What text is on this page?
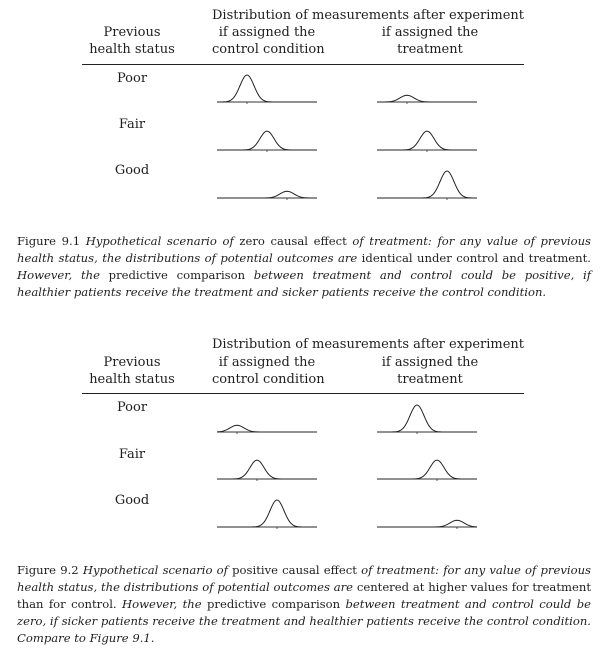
Distribution of measurements after experiment
Previous
health status
if assigned the
control condition
if assigned the
treatment
Poor
Fair
Good
Figure 9.1 Hypothetical scenario of zero causal effect of treatment: for any value of previous health status, the distributions of potential outcomes are identical under control and treatment. However, the predictive comparison between treatment and control could be positive, if healthier patients receive the treatment and sicker patients receive the control condition.
Distribution of measurements after experiment
Previous
health status
if assigned the
control condition
if assigned the
treatment
Poor
Fair
Good
Figure 9.2 Hypothetical scenario of positive causal effect of treatment: for any value of previous health status, the distributions of potential outcomes are centered at higher values for treatment than for control. However, the predictive comparison between treatment and control could be zero, if sicker patients receive the treatment and healthier patients receive the control condition. Compare to Figure 9.1.
